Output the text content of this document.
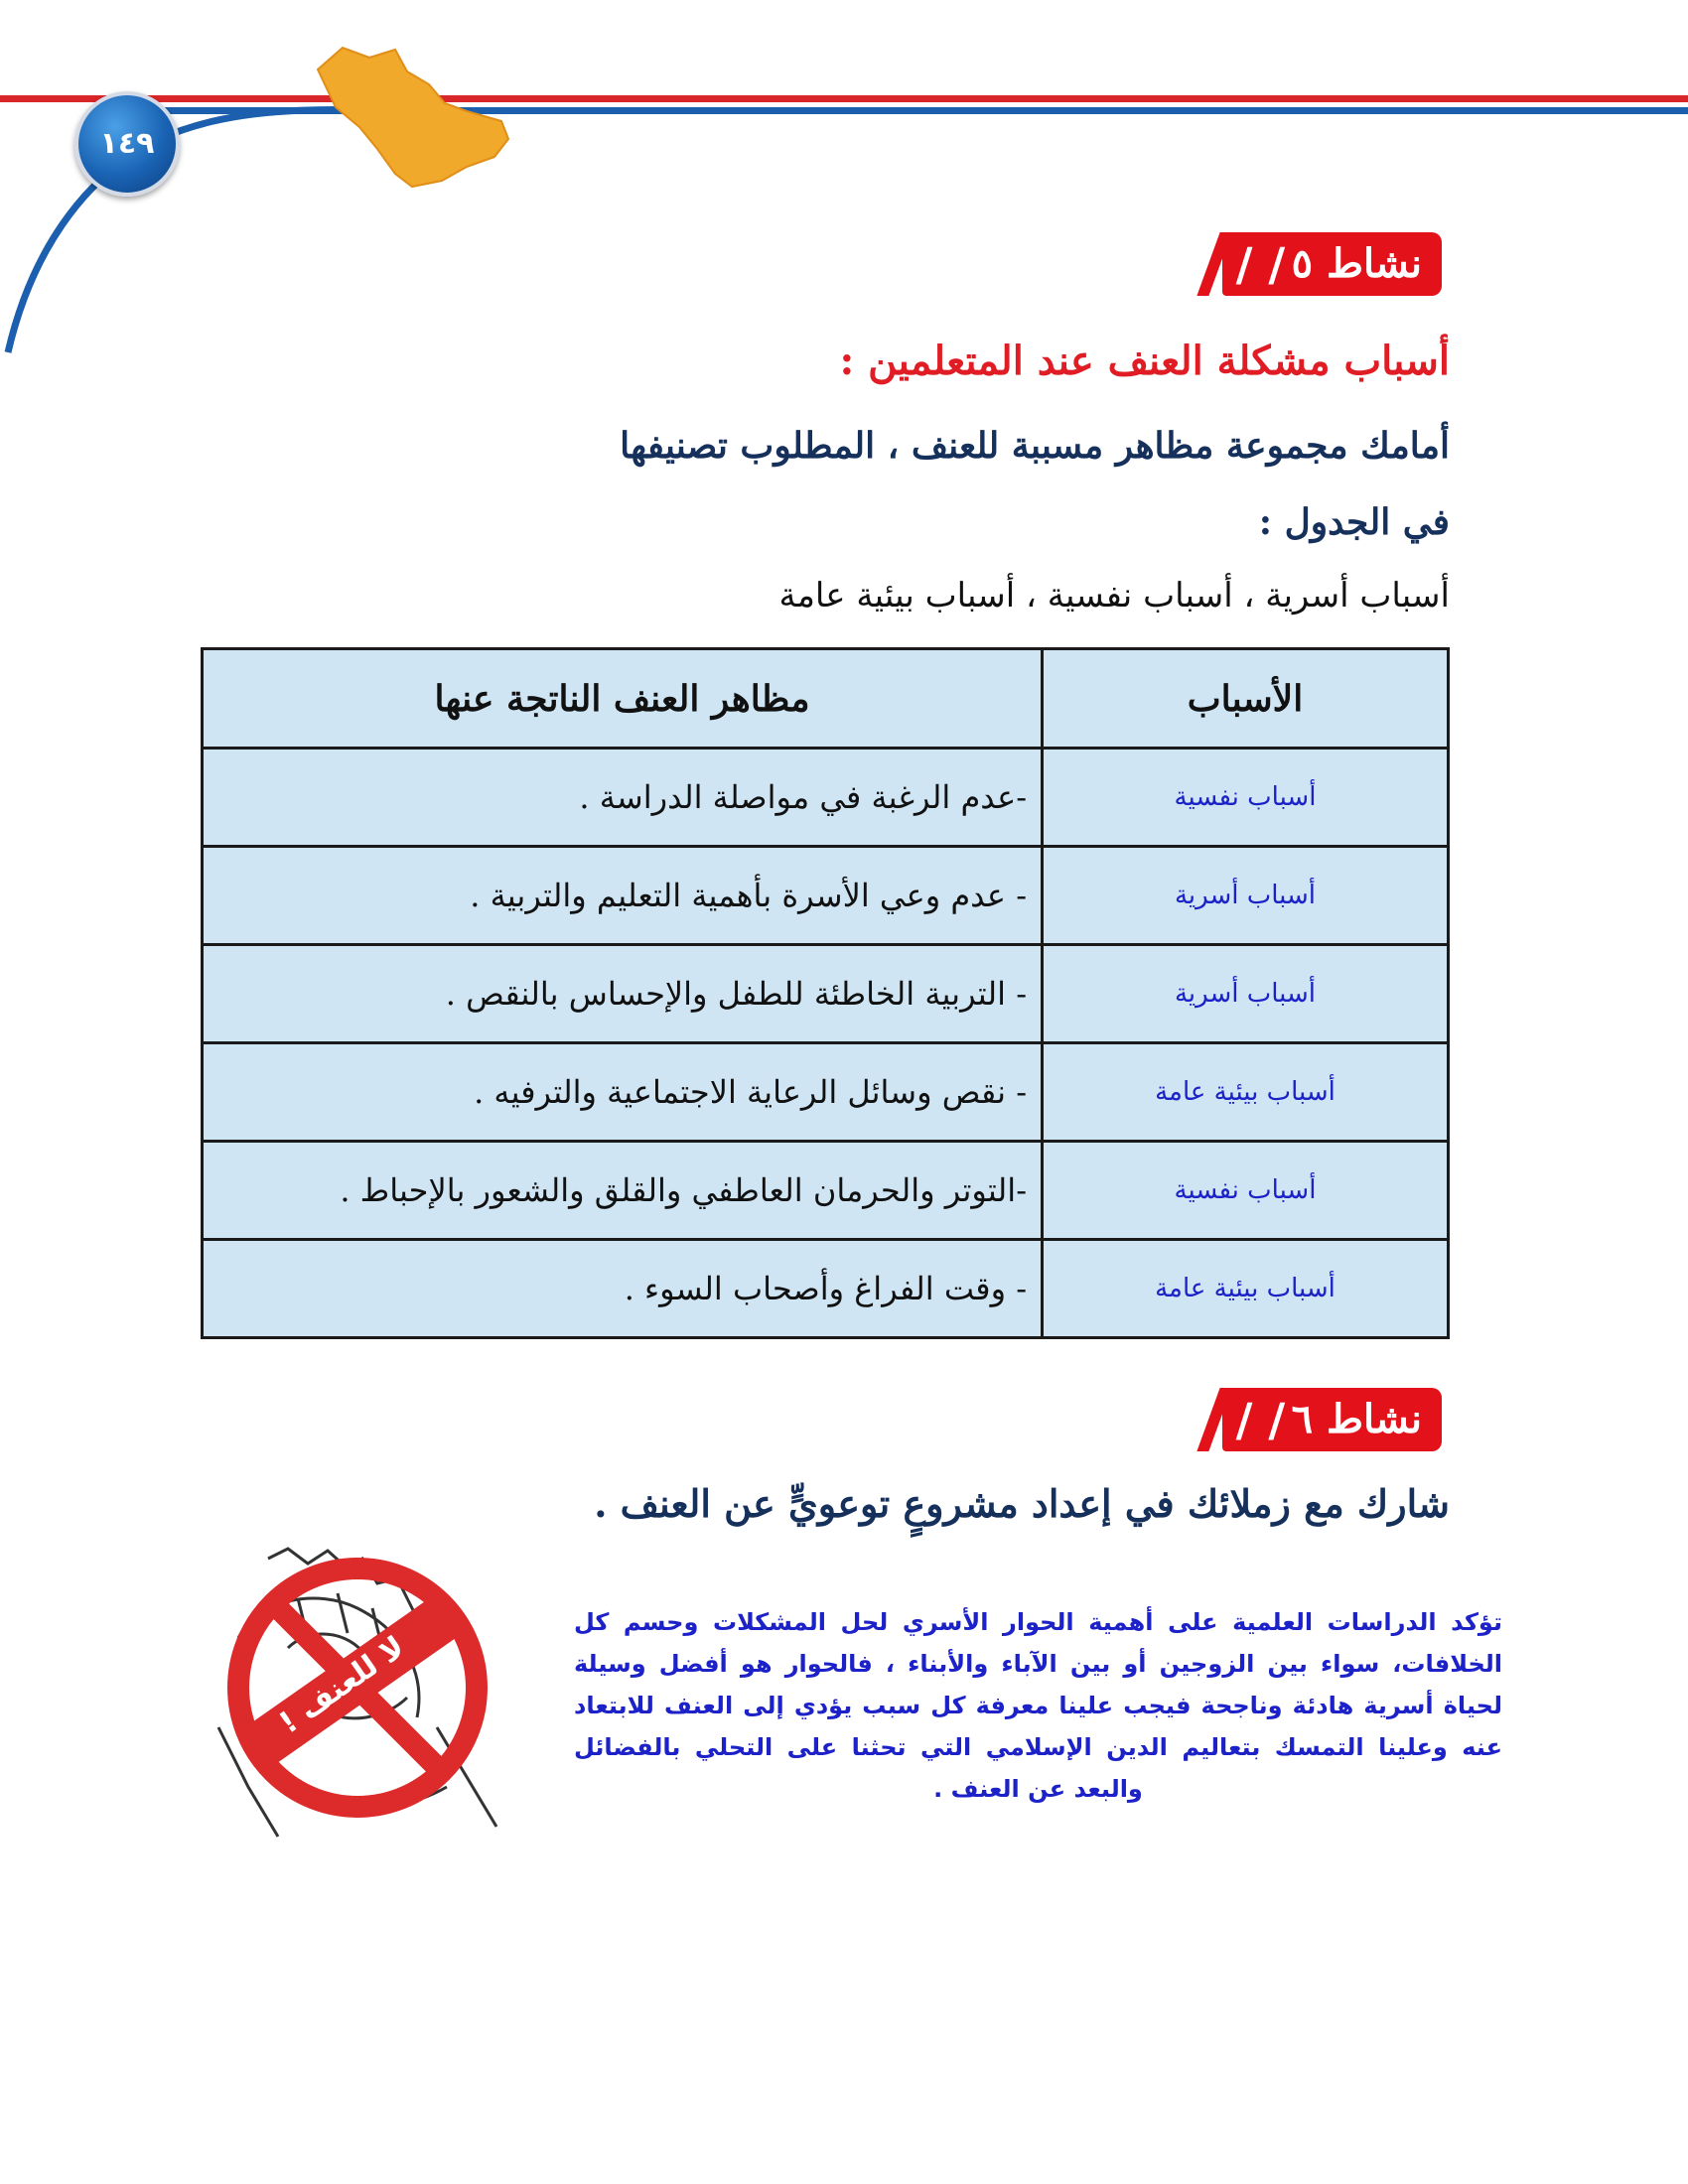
١٤٩
/ / نشاط ٥
أسباب مشكلة العنف عند المتعلمين :
أمامك مجموعة مظاهر مسببة للعنف ، المطلوب تصنيفها
في الجدول :
أسباب أسرية ، أسباب نفسية ، أسباب بيئية عامة
الأسباب	مظاهر العنف الناتجة عنها
أسباب نفسية	-عدم الرغبة في مواصلة الدراسة .
أسباب أسرية	- عدم وعي الأسرة بأهمية التعليم والتربية .
أسباب أسرية	- التربية الخاطئة للطفل والإحساس بالنقص .
أسباب بيئية عامة	- نقص وسائل الرعاية الاجتماعية والترفيه .
أسباب نفسية	-التوتر والحرمان العاطفي والقلق والشعور بالإحباط .
أسباب بيئية عامة	- وقت الفراغ وأصحاب السوء .
/ / نشاط ٦
شارك مع زملائك في إعداد مشروعٍ توعويٍّ عن العنف .
لا للعنف !
تؤكد الدراسات العلمية على أهمية الحوار الأسري لحل المشكلات وحسم كل الخلافات، سواء بين الزوجين أو بين الآباء والأبناء ، فالحوار هو أفضل وسيلة لحياة أسرية هادئة وناجحة فيجب علينا معرفة كل سبب يؤدي إلى العنف للابتعاد عنه وعلينا التمسك بتعاليم الدين الإسلامي التي تحثنا على التحلي بالفضائل والبعد عن العنف .
